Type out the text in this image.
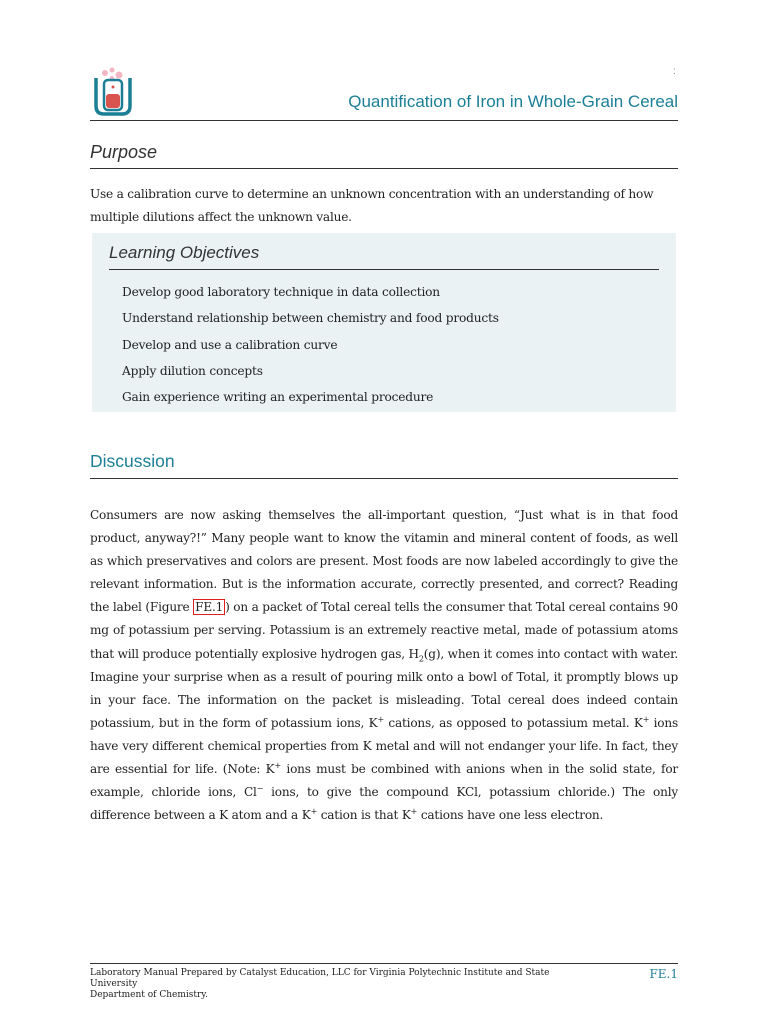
:
Quantification of Iron in Whole-Grain Cereal
Purpose
Use a calibration curve to determine an unknown concentration with an understanding of how multiple dilutions affect the unknown value.
Learning Objectives
Develop good laboratory technique in data collection
Understand relationship between chemistry and food products
Develop and use a calibration curve
Apply dilution concepts
Gain experience writing an experimental procedure
Discussion

Consumers are now asking themselves the all-important question, “Just what is in that food product, anyway?!” Many people want to know the vitamin and mineral content of foods, as well as which preservatives and colors are present. Most foods are now labeled accordingly to give the relevant information. But is the information accurate, correctly presented, and correct? Reading the label (Figure FE.1 ) on a packet of Total cereal tells the consumer that Total cereal contains 90 mg of potassium per serving. Potassium is an extremely reactive metal, made of potassium atoms that will produce potentially explosive hydrogen gas, $H_2(g)$, when it comes into contact with water. Imagine your surprise when as a result of pouring milk onto a bowl of Total, it promptly blows up in your face. The information on the packet is misleading. Total cereal does indeed contain potassium, but in the form of potassium ions, K+ cations, as opposed to potassium metal. K+ ions have very different chemical properties from K metal and will not endanger your life. In fact, they are essential for life. (Note: K+ ions must be combined with anions when in the solid state, for example, chloride ions, Cl− ions, to give the compound KCl, potassium chloride.) The only difference between a K atom and a K+ cation is that K+ cations have one less electron.

Laboratory Manual Prepared by Catalyst Education, LLC for Virginia Polytechnic Institute and State University
Department of Chemistry.
FE.1
